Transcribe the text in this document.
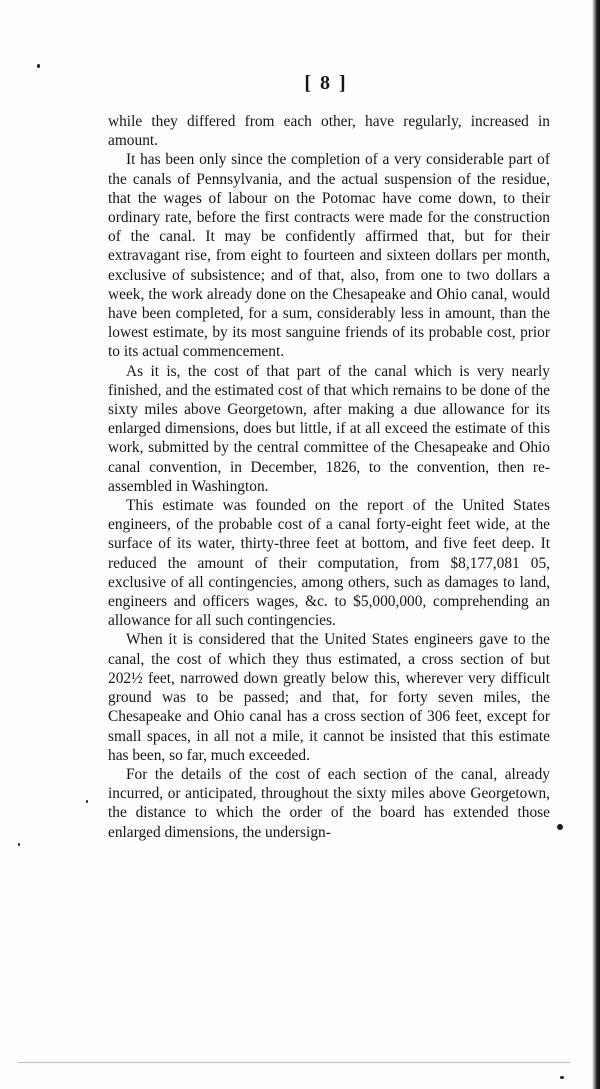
[ 8 ]

while they differed from each other, have regularly, increased in amount.

It has been only since the completion of a very considerable part of the canals of Pennsylvania, and the actual suspension of the residue, that the wages of labour on the Potomac have come down, to their ordinary rate, before the first contracts were made for the construction of the canal. It may be confidently affirmed that, but for their extravagant rise, from eight to fourteen and sixteen dollars per month, exclusive of subsistence; and of that, also, from one to two dollars a week, the work already done on the Chesapeake and Ohio canal, would have been completed, for a sum, considerably less in amount, than the lowest estimate, by its most sanguine friends of its probable cost, prior to its actual commencement.

As it is, the cost of that part of the canal which is very nearly finished, and the estimated cost of that which remains to be done of the sixty miles above Georgetown, after making a due allowance for its enlarged dimensions, does but little, if at all exceed the estimate of this work, submitted by the central committee of the Chesapeake and Ohio canal convention, in December, 1826, to the convention, then re-assembled in Washington.

This estimate was founded on the report of the United States engineers, of the probable cost of a canal forty-eight feet wide, at the surface of its water, thirty-three feet at bottom, and five feet deep. It reduced the amount of their computation, from $8,177,081 05, exclusive of all contingencies, among others, such as damages to land, engineers and officers wages, &c. to $5,000,000, comprehending an allowance for all such contingencies.

When it is considered that the United States engineers gave to the canal, the cost of which they thus estimated, a cross section of but 202½ feet, narrowed down greatly below this, wherever very difficult ground was to be passed; and that, for forty seven miles, the Chesapeake and Ohio canal has a cross section of 306 feet, except for small spaces, in all not a mile, it cannot be insisted that this estimate has been, so far, much exceeded.

For the details of the cost of each section of the canal, already incurred, or anticipated, throughout the sixty miles above Georgetown, the distance to which the order of the board has extended those enlarged dimensions, the undersign-
